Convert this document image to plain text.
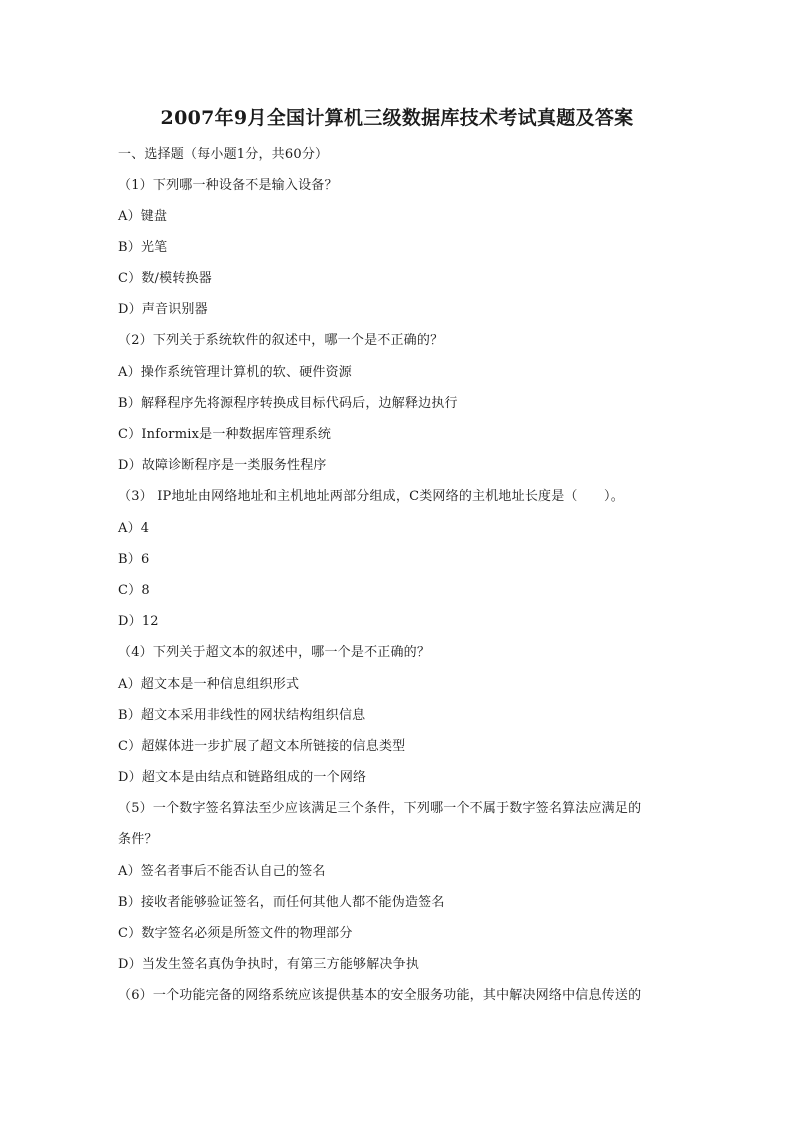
2007年9月全国计算机三级数据库技术考试真题及答案
一、选择题（每小题1分，共60分）
（1）下列哪一种设备不是输入设备？
A）键盘
B）光笔
C）数/模转换器
D）声音识别器
（2）下列关于系统软件的叙述中，哪一个是不正确的？
A）操作系统管理计算机的软、硬件资源
B）解释程序先将源程序转换成目标代码后，边解释边执行
C）Informix是一种数据库管理系统
D）故障诊断程序是一类服务性程序
（3） IP地址由网络地址和主机地址两部分组成，C类网络的主机地址长度是（　　）。
A）4
B）6
C）8
D）12
（4）下列关于超文本的叙述中，哪一个是不正确的？
A）超文本是一种信息组织形式
B）超文本采用非线性的网状结构组织信息
C）超媒体进一步扩展了超文本所链接的信息类型
D）超文本是由结点和链路组成的一个网络
（5）一个数字签名算法至少应该满足三个条件，下列哪一个不属于数字签名算法应满足的
条件？
A）签名者事后不能否认自己的签名
B）接收者能够验证签名，而任何其他人都不能伪造签名
C）数字签名必须是所签文件的物理部分
D）当发生签名真伪争执时，有第三方能够解决争执
（6）一个功能完备的网络系统应该提供基本的安全服务功能，其中解决网络中信息传送的
